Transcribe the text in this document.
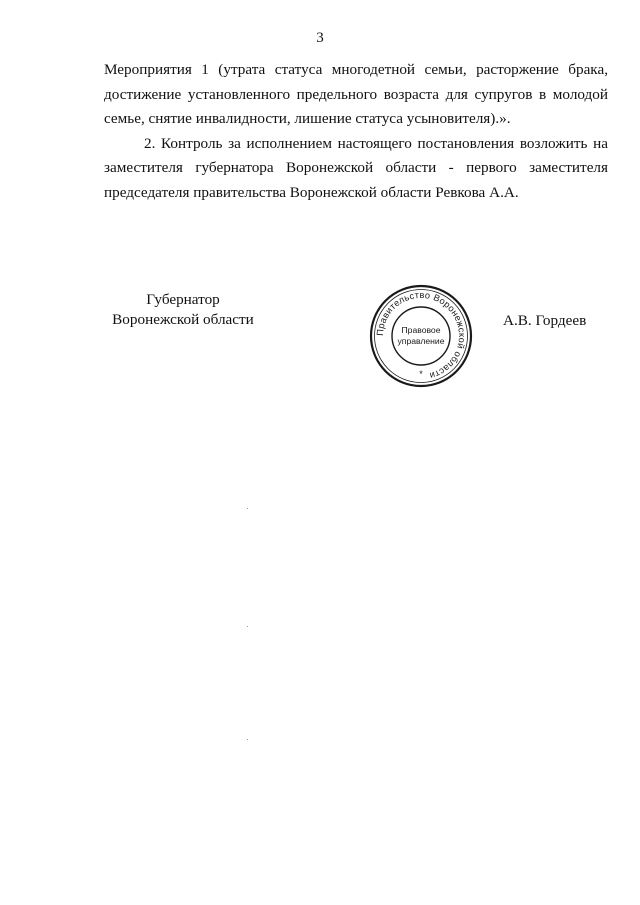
3

Мероприятия 1 (утрата статуса многодетной семьи, расторжение брака, достижение установленного предельного возраста для супругов в молодой семье, снятие инвалидности, лишение статуса усыновителя).».

2. Контроль за исполнением настоящего постановления возложить на заместителя губернатора Воронежской области - первого заместителя председателя правительства Воронежской области Ревкова А.А.

Губернатор
Воронежской области
Правительство Воронежской области
Правовое
управление
*
А.В. Гордеев
